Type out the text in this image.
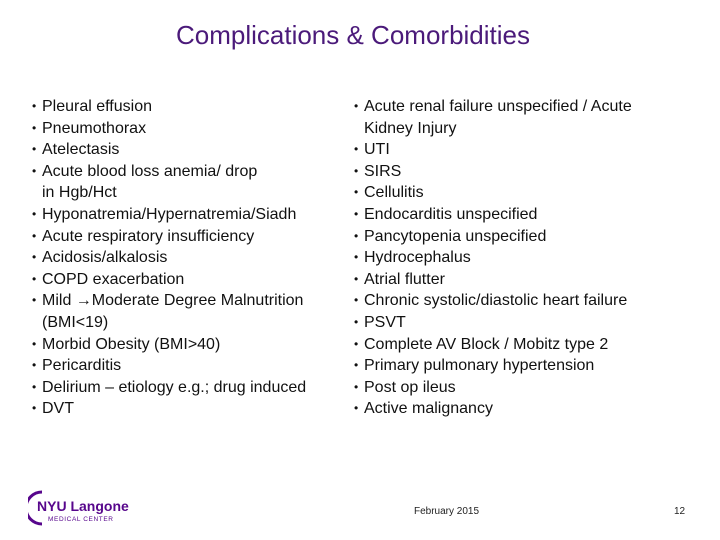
Complications & Comorbidities
• Pleural effusion
• Pneumothorax
• Atelectasis
• Acute blood loss anemia/ drop
in Hgb/Hct
• Hyponatremia/Hypernatremia/Siadh
• Acute respiratory insufficiency
• Acidosis/alkalosis
• COPD exacerbation
• Mild →Moderate Degree Malnutrition
(BMI<19)
• Morbid Obesity (BMI>40)
• Pericarditis
• Delirium – etiology e.g.; drug induced
• DVT
• Acute renal failure unspecified / Acute
Kidney Injury
• UTI
• SIRS
• Cellulitis
• Endocarditis unspecified
• Pancytopenia unspecified
• Hydrocephalus
• Atrial flutter
• Chronic systolic/diastolic heart failure
• PSVT
• Complete AV Block / Mobitz type 2
• Primary pulmonary hypertension
• Post op ileus
• Active malignancy
NYU Langone
MEDICAL CENTER
February 2015	12
